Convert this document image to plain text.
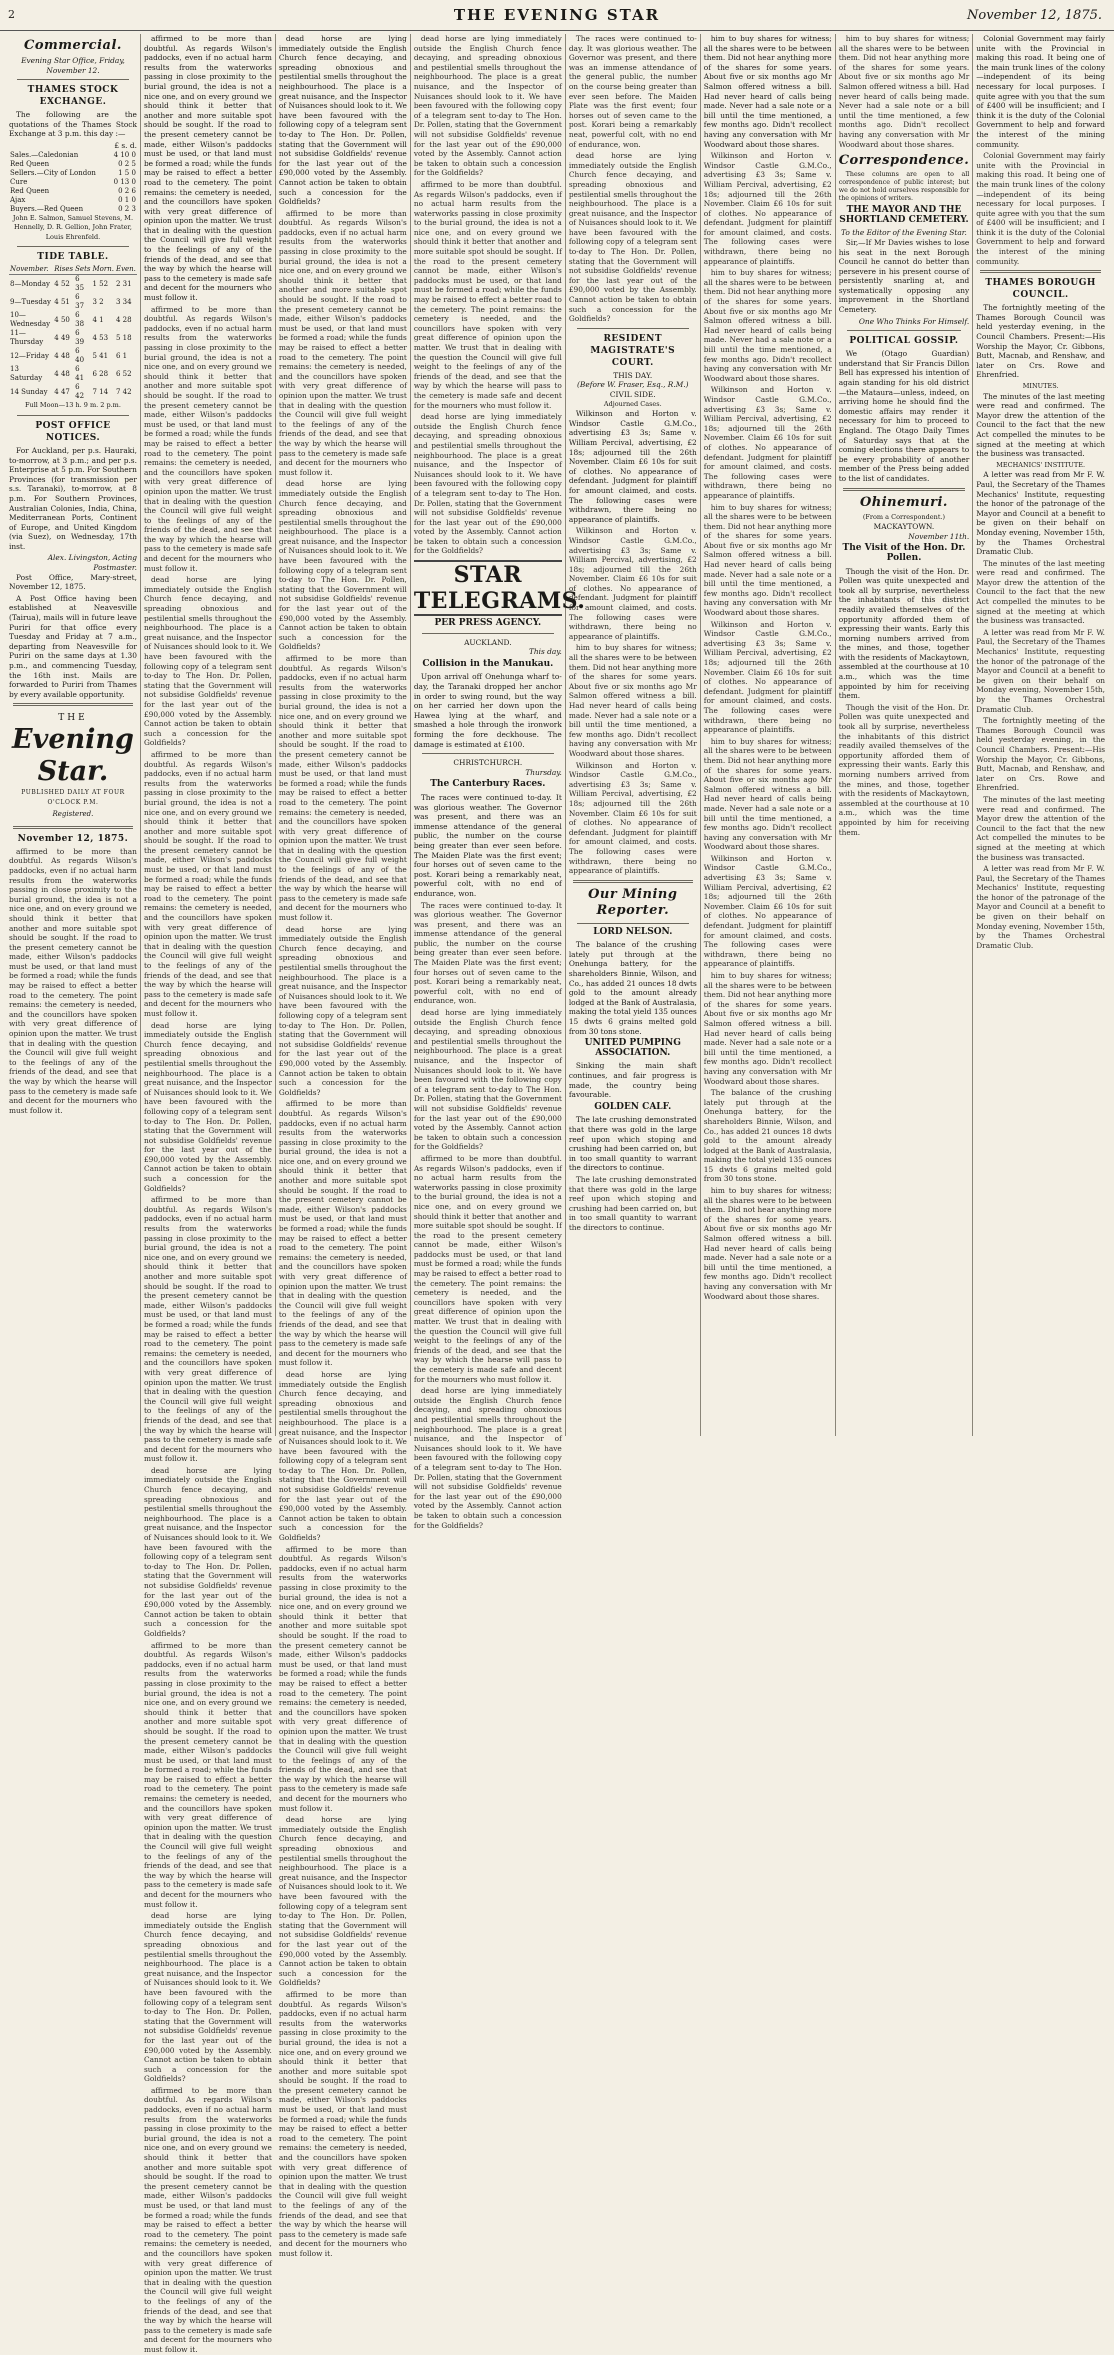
2	THE EVENING STAR	November 12, 1875.
Commercial.
Evening Star Office, Friday, November 12.
THAMES STOCK EXCHANGE.

The following are the quotations of the Thames Stock Exchange at 3 p.m. this day :—

£ s. d.
Sales.—Caledonian	4 10 0
Red Queen	0 2 5
Sellers.—City of London	1 5 0
Cure	0 13 0
Red Queen	0 2 6
Ajax	0 1 0
Buyers.—Red Queen	0 2 3

John E. Salmon, Samuel Stevens, M. Hennelly, D. R. Gellion, John Frater, Louis Ehrenfeld.

TIDE TABLE.
November.	Rises	Sets	Morn.	Even.
8—Monday	4 52	6 35	1 52	2 31
9—Tuesday	4 51	6 37	3 2	3 34
10—Wednesday	4 50	6 38	4 1	4 28
11—Thursday	4 49	6 39	4 53	5 18
12—Friday	4 48	6 40	5 41	6 1
13 Saturday	4 48	6 41	6 28	6 52
14 Sunday	4 47	6 42	7 14	7 42
Full Moon—13 h. 9 m. 2 p.m.
POST OFFICE NOTICES.

For Auckland, per p.s. Hauraki, to-morrow, at 3 p.m.; and per p.s. Enterprise at 5 p.m. For Southern Provinces (for transmission per s.s. Taranaki), to-morrow, at 8 p.m. For Southern Provinces, Australian Colonies, India, China, Mediterranean Ports, Continent of Europe, and United Kingdom (via Suez), on Wednesday, 17th inst.

Alex. Livingston, Acting Postmaster.

Post Office, Mary-street, November 12, 1875.

A Post Office having been established at Neavesville (Tairua), mails will in future leave Puriri for that office every Tuesday and Friday at 7 a.m., departing from Neavesville for Puriri on the same days at 1.30 p.m., and commencing Tuesday, the 16th inst. Mails are forwarded to Puriri from Thames by every available opportunity.

THE
Evening Star.
PUBLISHED DAILY AT FOUR O'CLOCK P.M.
Registered.
November 12, 1875.

affirmed to be more than doubtful. As regards Wilson's paddocks, even if no actual harm results from the waterworks passing in close proximity to the burial ground, the idea is not a nice one, and on every ground we should think it better that another and more suitable spot should be sought. If the road to the present cemetery cannot be made, either Wilson's paddocks must be used, or that land must be formed a road; while the funds may be raised to effect a better road to the cemetery. The point remains: the cemetery is needed, and the councillors have spoken with very great difference of opinion upon the matter. We trust that in dealing with the question the Council will give full weight to the feelings of any of the friends of the dead, and see that the way by which the hearse will pass to the cemetery is made safe and decent for the mourners who must follow it.

affirmed to be more than doubtful. As regards Wilson's paddocks, even if no actual harm results from the waterworks passing in close proximity to the burial ground, the idea is not a nice one, and on every ground we should think it better that another and more suitable spot should be sought. If the road to the present cemetery cannot be made, either Wilson's paddocks must be used, or that land must be formed a road; while the funds may be raised to effect a better road to the cemetery. The point remains: the cemetery is needed, and the councillors have spoken with very great difference of opinion upon the matter. We trust that in dealing with the question the Council will give full weight to the feelings of any of the friends of the dead, and see that the way by which the hearse will pass to the cemetery is made safe and decent for the mourners who must follow it.

affirmed to be more than doubtful. As regards Wilson's paddocks, even if no actual harm results from the waterworks passing in close proximity to the burial ground, the idea is not a nice one, and on every ground we should think it better that another and more suitable spot should be sought. If the road to the present cemetery cannot be made, either Wilson's paddocks must be used, or that land must be formed a road; while the funds may be raised to effect a better road to the cemetery. The point remains: the cemetery is needed, and the councillors have spoken with very great difference of opinion upon the matter. We trust that in dealing with the question the Council will give full weight to the feelings of any of the friends of the dead, and see that the way by which the hearse will pass to the cemetery is made safe and decent for the mourners who must follow it.

dead horse are lying immediately outside the English Church fence decaying, and spreading obnoxious and pestilential smells throughout the neighbourhood. The place is a great nuisance, and the Inspector of Nuisances should look to it. We have been favoured with the following copy of a telegram sent to-day to The Hon. Dr. Pollen, stating that the Government will not subsidise Goldfields' revenue for the last year out of the £90,000 voted by the Assembly. Cannot action be taken to obtain such a concession for the Goldfields?

affirmed to be more than doubtful. As regards Wilson's paddocks, even if no actual harm results from the waterworks passing in close proximity to the burial ground, the idea is not a nice one, and on every ground we should think it better that another and more suitable spot should be sought. If the road to the present cemetery cannot be made, either Wilson's paddocks must be used, or that land must be formed a road; while the funds may be raised to effect a better road to the cemetery. The point remains: the cemetery is needed, and the councillors have spoken with very great difference of opinion upon the matter. We trust that in dealing with the question the Council will give full weight to the feelings of any of the friends of the dead, and see that the way by which the hearse will pass to the cemetery is made safe and decent for the mourners who must follow it.

dead horse are lying immediately outside the English Church fence decaying, and spreading obnoxious and pestilential smells throughout the neighbourhood. The place is a great nuisance, and the Inspector of Nuisances should look to it. We have been favoured with the following copy of a telegram sent to-day to The Hon. Dr. Pollen, stating that the Government will not subsidise Goldfields' revenue for the last year out of the £90,000 voted by the Assembly. Cannot action be taken to obtain such a concession for the Goldfields?

affirmed to be more than doubtful. As regards Wilson's paddocks, even if no actual harm results from the waterworks passing in close proximity to the burial ground, the idea is not a nice one, and on every ground we should think it better that another and more suitable spot should be sought. If the road to the present cemetery cannot be made, either Wilson's paddocks must be used, or that land must be formed a road; while the funds may be raised to effect a better road to the cemetery. The point remains: the cemetery is needed, and the councillors have spoken with very great difference of opinion upon the matter. We trust that in dealing with the question the Council will give full weight to the feelings of any of the friends of the dead, and see that the way by which the hearse will pass to the cemetery is made safe and decent for the mourners who must follow it.

dead horse are lying immediately outside the English Church fence decaying, and spreading obnoxious and pestilential smells throughout the neighbourhood. The place is a great nuisance, and the Inspector of Nuisances should look to it. We have been favoured with the following copy of a telegram sent to-day to The Hon. Dr. Pollen, stating that the Government will not subsidise Goldfields' revenue for the last year out of the £90,000 voted by the Assembly. Cannot action be taken to obtain such a concession for the Goldfields?

affirmed to be more than doubtful. As regards Wilson's paddocks, even if no actual harm results from the waterworks passing in close proximity to the burial ground, the idea is not a nice one, and on every ground we should think it better that another and more suitable spot should be sought. If the road to the present cemetery cannot be made, either Wilson's paddocks must be used, or that land must be formed a road; while the funds may be raised to effect a better road to the cemetery. The point remains: the cemetery is needed, and the councillors have spoken with very great difference of opinion upon the matter. We trust that in dealing with the question the Council will give full weight to the feelings of any of the friends of the dead, and see that the way by which the hearse will pass to the cemetery is made safe and decent for the mourners who must follow it.

dead horse are lying immediately outside the English Church fence decaying, and spreading obnoxious and pestilential smells throughout the neighbourhood. The place is a great nuisance, and the Inspector of Nuisances should look to it. We have been favoured with the following copy of a telegram sent to-day to The Hon. Dr. Pollen, stating that the Government will not subsidise Goldfields' revenue for the last year out of the £90,000 voted by the Assembly. Cannot action be taken to obtain such a concession for the Goldfields?

affirmed to be more than doubtful. As regards Wilson's paddocks, even if no actual harm results from the waterworks passing in close proximity to the burial ground, the idea is not a nice one, and on every ground we should think it better that another and more suitable spot should be sought. If the road to the present cemetery cannot be made, either Wilson's paddocks must be used, or that land must be formed a road; while the funds may be raised to effect a better road to the cemetery. The point remains: the cemetery is needed, and the councillors have spoken with very great difference of opinion upon the matter. We trust that in dealing with the question the Council will give full weight to the feelings of any of the friends of the dead, and see that the way by which the hearse will pass to the cemetery is made safe and decent for the mourners who must follow it.

dead horse are lying immediately outside the English Church fence decaying, and spreading obnoxious and pestilential smells throughout the neighbourhood. The place is a great nuisance, and the Inspector of Nuisances should look to it. We have been favoured with the following copy of a telegram sent to-day to The Hon. Dr. Pollen, stating that the Government will not subsidise Goldfields' revenue for the last year out of the £90,000 voted by the Assembly. Cannot action be taken to obtain such a concession for the Goldfields?

affirmed to be more than doubtful. As regards Wilson's paddocks, even if no actual harm results from the waterworks passing in close proximity to the burial ground, the idea is not a nice one, and on every ground we should think it better that another and more suitable spot should be sought. If the road to the present cemetery cannot be made, either Wilson's paddocks must be used, or that land must be formed a road; while the funds may be raised to effect a better road to the cemetery. The point remains: the cemetery is needed, and the councillors have spoken with very great difference of opinion upon the matter. We trust that in dealing with the question the Council will give full weight to the feelings of any of the friends of the dead, and see that the way by which the hearse will pass to the cemetery is made safe and decent for the mourners who must follow it.

dead horse are lying immediately outside the English Church fence decaying, and spreading obnoxious and pestilential smells throughout the neighbourhood. The place is a great nuisance, and the Inspector of Nuisances should look to it. We have been favoured with the following copy of a telegram sent to-day to The Hon. Dr. Pollen, stating that the Government will not subsidise Goldfields' revenue for the last year out of the £90,000 voted by the Assembly. Cannot action be taken to obtain such a concession for the Goldfields?

affirmed to be more than doubtful. As regards Wilson's paddocks, even if no actual harm results from the waterworks passing in close proximity to the burial ground, the idea is not a nice one, and on every ground we should think it better that another and more suitable spot should be sought. If the road to the present cemetery cannot be made, either Wilson's paddocks must be used, or that land must be formed a road; while the funds may be raised to effect a better road to the cemetery. The point remains: the cemetery is needed, and the councillors have spoken with very great difference of opinion upon the matter. We trust that in dealing with the question the Council will give full weight to the feelings of any of the friends of the dead, and see that the way by which the hearse will pass to the cemetery is made safe and decent for the mourners who must follow it.

dead horse are lying immediately outside the English Church fence decaying, and spreading obnoxious and pestilential smells throughout the neighbourhood. The place is a great nuisance, and the Inspector of Nuisances should look to it. We have been favoured with the following copy of a telegram sent to-day to The Hon. Dr. Pollen, stating that the Government will not subsidise Goldfields' revenue for the last year out of the £90,000 voted by the Assembly. Cannot action be taken to obtain such a concession for the Goldfields?

affirmed to be more than doubtful. As regards Wilson's paddocks, even if no actual harm results from the waterworks passing in close proximity to the burial ground, the idea is not a nice one, and on every ground we should think it better that another and more suitable spot should be sought. If the road to the present cemetery cannot be made, either Wilson's paddocks must be used, or that land must be formed a road; while the funds may be raised to effect a better road to the cemetery. The point remains: the cemetery is needed, and the councillors have spoken with very great difference of opinion upon the matter. We trust that in dealing with the question the Council will give full weight to the feelings of any of the friends of the dead, and see that the way by which the hearse will pass to the cemetery is made safe and decent for the mourners who must follow it.

dead horse are lying immediately outside the English Church fence decaying, and spreading obnoxious and pestilential smells throughout the neighbourhood. The place is a great nuisance, and the Inspector of Nuisances should look to it. We have been favoured with the following copy of a telegram sent to-day to The Hon. Dr. Pollen, stating that the Government will not subsidise Goldfields' revenue for the last year out of the £90,000 voted by the Assembly. Cannot action be taken to obtain such a concession for the Goldfields?

affirmed to be more than doubtful. As regards Wilson's paddocks, even if no actual harm results from the waterworks passing in close proximity to the burial ground, the idea is not a nice one, and on every ground we should think it better that another and more suitable spot should be sought. If the road to the present cemetery cannot be made, either Wilson's paddocks must be used, or that land must be formed a road; while the funds may be raised to effect a better road to the cemetery. The point remains: the cemetery is needed, and the councillors have spoken with very great difference of opinion upon the matter. We trust that in dealing with the question the Council will give full weight to the feelings of any of the friends of the dead, and see that the way by which the hearse will pass to the cemetery is made safe and decent for the mourners who must follow it.

dead horse are lying immediately outside the English Church fence decaying, and spreading obnoxious and pestilential smells throughout the neighbourhood. The place is a great nuisance, and the Inspector of Nuisances should look to it. We have been favoured with the following copy of a telegram sent to-day to The Hon. Dr. Pollen, stating that the Government will not subsidise Goldfields' revenue for the last year out of the £90,000 voted by the Assembly. Cannot action be taken to obtain such a concession for the Goldfields?

affirmed to be more than doubtful. As regards Wilson's paddocks, even if no actual harm results from the waterworks passing in close proximity to the burial ground, the idea is not a nice one, and on every ground we should think it better that another and more suitable spot should be sought. If the road to the present cemetery cannot be made, either Wilson's paddocks must be used, or that land must be formed a road; while the funds may be raised to effect a better road to the cemetery. The point remains: the cemetery is needed, and the councillors have spoken with very great difference of opinion upon the matter. We trust that in dealing with the question the Council will give full weight to the feelings of any of the friends of the dead, and see that the way by which the hearse will pass to the cemetery is made safe and decent for the mourners who must follow it.

dead horse are lying immediately outside the English Church fence decaying, and spreading obnoxious and pestilential smells throughout the neighbourhood. The place is a great nuisance, and the Inspector of Nuisances should look to it. We have been favoured with the following copy of a telegram sent to-day to The Hon. Dr. Pollen, stating that the Government will not subsidise Goldfields' revenue for the last year out of the £90,000 voted by the Assembly. Cannot action be taken to obtain such a concession for the Goldfields?

affirmed to be more than doubtful. As regards Wilson's paddocks, even if no actual harm results from the waterworks passing in close proximity to the burial ground, the idea is not a nice one, and on every ground we should think it better that another and more suitable spot should be sought. If the road to the present cemetery cannot be made, either Wilson's paddocks must be used, or that land must be formed a road; while the funds may be raised to effect a better road to the cemetery. The point remains: the cemetery is needed, and the councillors have spoken with very great difference of opinion upon the matter. We trust that in dealing with the question the Council will give full weight to the feelings of any of the friends of the dead, and see that the way by which the hearse will pass to the cemetery is made safe and decent for the mourners who must follow it.

dead horse are lying immediately outside the English Church fence decaying, and spreading obnoxious and pestilential smells throughout the neighbourhood. The place is a great nuisance, and the Inspector of Nuisances should look to it. We have been favoured with the following copy of a telegram sent to-day to The Hon. Dr. Pollen, stating that the Government will not subsidise Goldfields' revenue for the last year out of the £90,000 voted by the Assembly. Cannot action be taken to obtain such a concession for the Goldfields?

STAR TELEGRAMS.
PER PRESS AGENCY.
AUCKLAND.
This day.
Collision in the Manukau.

Upon arrival off Onehunga wharf to-day, the Taranaki dropped her anchor in order to swing round, but the way on her carried her down upon the Hawea lying at the wharf, and smashed a hole through the ironwork forming the fore deckhouse. The damage is estimated at £100.

CHRISTCHURCH.
Thursday.
The Canterbury Races.

The races were continued to-day. It was glorious weather. The Governor was present, and there was an immense attendance of the general public, the number on the course being greater than ever seen before. The Maiden Plate was the first event; four horses out of seven came to the post. Korari being a remarkably neat, powerful colt, with no end of endurance, won.

The races were continued to-day. It was glorious weather. The Governor was present, and there was an immense attendance of the general public, the number on the course being greater than ever seen before. The Maiden Plate was the first event; four horses out of seven came to the post. Korari being a remarkably neat, powerful colt, with no end of endurance, won.

dead horse are lying immediately outside the English Church fence decaying, and spreading obnoxious and pestilential smells throughout the neighbourhood. The place is a great nuisance, and the Inspector of Nuisances should look to it. We have been favoured with the following copy of a telegram sent to-day to The Hon. Dr. Pollen, stating that the Government will not subsidise Goldfields' revenue for the last year out of the £90,000 voted by the Assembly. Cannot action be taken to obtain such a concession for the Goldfields?

affirmed to be more than doubtful. As regards Wilson's paddocks, even if no actual harm results from the waterworks passing in close proximity to the burial ground, the idea is not a nice one, and on every ground we should think it better that another and more suitable spot should be sought. If the road to the present cemetery cannot be made, either Wilson's paddocks must be used, or that land must be formed a road; while the funds may be raised to effect a better road to the cemetery. The point remains: the cemetery is needed, and the councillors have spoken with very great difference of opinion upon the matter. We trust that in dealing with the question the Council will give full weight to the feelings of any of the friends of the dead, and see that the way by which the hearse will pass to the cemetery is made safe and decent for the mourners who must follow it.

dead horse are lying immediately outside the English Church fence decaying, and spreading obnoxious and pestilential smells throughout the neighbourhood. The place is a great nuisance, and the Inspector of Nuisances should look to it. We have been favoured with the following copy of a telegram sent to-day to The Hon. Dr. Pollen, stating that the Government will not subsidise Goldfields' revenue for the last year out of the £90,000 voted by the Assembly. Cannot action be taken to obtain such a concession for the Goldfields?

The races were continued to-day. It was glorious weather. The Governor was present, and there was an immense attendance of the general public, the number on the course being greater than ever seen before. The Maiden Plate was the first event; four horses out of seven came to the post. Korari being a remarkably neat, powerful colt, with no end of endurance, won.

dead horse are lying immediately outside the English Church fence decaying, and spreading obnoxious and pestilential smells throughout the neighbourhood. The place is a great nuisance, and the Inspector of Nuisances should look to it. We have been favoured with the following copy of a telegram sent to-day to The Hon. Dr. Pollen, stating that the Government will not subsidise Goldfields' revenue for the last year out of the £90,000 voted by the Assembly. Cannot action be taken to obtain such a concession for the Goldfields?

RESIDENT MAGISTRATE'S COURT.
THIS DAY.
(Before W. Fraser, Esq., R.M.)
CIVIL SIDE.
Adjourned Cases.

Wilkinson and Horton v. Windsor Castle G.M.Co., advertising £3 3s; Same v. William Percival, advertising, £2 18s; adjourned till the 26th November. Claim £6 10s for suit of clothes. No appearance of defendant. Judgment for plaintiff for amount claimed, and costs. The following cases were withdrawn, there being no appearance of plaintiffs.

Wilkinson and Horton v. Windsor Castle G.M.Co., advertising £3 3s; Same v. William Percival, advertising, £2 18s; adjourned till the 26th November. Claim £6 10s for suit of clothes. No appearance of defendant. Judgment for plaintiff for amount claimed, and costs. The following cases were withdrawn, there being no appearance of plaintiffs.

him to buy shares for witness; all the shares were to be between them. Did not hear anything more of the shares for some years. About five or six months ago Mr Salmon offered witness a bill. Had never heard of calls being made. Never had a sale note or a bill until the time mentioned, a few months ago. Didn't recollect having any conversation with Mr Woodward about those shares.

Wilkinson and Horton v. Windsor Castle G.M.Co., advertising £3 3s; Same v. William Percival, advertising, £2 18s; adjourned till the 26th November. Claim £6 10s for suit of clothes. No appearance of defendant. Judgment for plaintiff for amount claimed, and costs. The following cases were withdrawn, there being no appearance of plaintiffs.

Our Mining Reporter.
LORD NELSON.

The balance of the crushing lately put through at the Onehunga battery, for the shareholders Binnie, Wilson, and Co., has added 21 ounces 18 dwts gold to the amount already lodged at the Bank of Australasia, making the total yield 135 ounces 15 dwts 6 grains melted gold from 30 tons stone.

UNITED PUMPING ASSOCIATION.

Sinking the main shaft continues, and fair progress is made, the country being favourable.

GOLDEN CALF.

The late crushing demonstrated that there was gold in the large reef upon which stoping and crushing had been carried on, but in too small quantity to warrant the directors to continue.

The late crushing demonstrated that there was gold in the large reef upon which stoping and crushing had been carried on, but in too small quantity to warrant the directors to continue.

him to buy shares for witness; all the shares were to be between them. Did not hear anything more of the shares for some years. About five or six months ago Mr Salmon offered witness a bill. Had never heard of calls being made. Never had a sale note or a bill until the time mentioned, a few months ago. Didn't recollect having any conversation with Mr Woodward about those shares.

Wilkinson and Horton v. Windsor Castle G.M.Co., advertising £3 3s; Same v. William Percival, advertising, £2 18s; adjourned till the 26th November. Claim £6 10s for suit of clothes. No appearance of defendant. Judgment for plaintiff for amount claimed, and costs. The following cases were withdrawn, there being no appearance of plaintiffs.

him to buy shares for witness; all the shares were to be between them. Did not hear anything more of the shares for some years. About five or six months ago Mr Salmon offered witness a bill. Had never heard of calls being made. Never had a sale note or a bill until the time mentioned, a few months ago. Didn't recollect having any conversation with Mr Woodward about those shares.

Wilkinson and Horton v. Windsor Castle G.M.Co., advertising £3 3s; Same v. William Percival, advertising, £2 18s; adjourned till the 26th November. Claim £6 10s for suit of clothes. No appearance of defendant. Judgment for plaintiff for amount claimed, and costs. The following cases were withdrawn, there being no appearance of plaintiffs.

him to buy shares for witness; all the shares were to be between them. Did not hear anything more of the shares for some years. About five or six months ago Mr Salmon offered witness a bill. Had never heard of calls being made. Never had a sale note or a bill until the time mentioned, a few months ago. Didn't recollect having any conversation with Mr Woodward about those shares.

Wilkinson and Horton v. Windsor Castle G.M.Co., advertising £3 3s; Same v. William Percival, advertising, £2 18s; adjourned till the 26th November. Claim £6 10s for suit of clothes. No appearance of defendant. Judgment for plaintiff for amount claimed, and costs. The following cases were withdrawn, there being no appearance of plaintiffs.

him to buy shares for witness; all the shares were to be between them. Did not hear anything more of the shares for some years. About five or six months ago Mr Salmon offered witness a bill. Had never heard of calls being made. Never had a sale note or a bill until the time mentioned, a few months ago. Didn't recollect having any conversation with Mr Woodward about those shares.

Wilkinson and Horton v. Windsor Castle G.M.Co., advertising £3 3s; Same v. William Percival, advertising, £2 18s; adjourned till the 26th November. Claim £6 10s for suit of clothes. No appearance of defendant. Judgment for plaintiff for amount claimed, and costs. The following cases were withdrawn, there being no appearance of plaintiffs.

him to buy shares for witness; all the shares were to be between them. Did not hear anything more of the shares for some years. About five or six months ago Mr Salmon offered witness a bill. Had never heard of calls being made. Never had a sale note or a bill until the time mentioned, a few months ago. Didn't recollect having any conversation with Mr Woodward about those shares.

The balance of the crushing lately put through at the Onehunga battery, for the shareholders Binnie, Wilson, and Co., has added 21 ounces 18 dwts gold to the amount already lodged at the Bank of Australasia, making the total yield 135 ounces 15 dwts 6 grains melted gold from 30 tons stone.

him to buy shares for witness; all the shares were to be between them. Did not hear anything more of the shares for some years. About five or six months ago Mr Salmon offered witness a bill. Had never heard of calls being made. Never had a sale note or a bill until the time mentioned, a few months ago. Didn't recollect having any conversation with Mr Woodward about those shares.

him to buy shares for witness; all the shares were to be between them. Did not hear anything more of the shares for some years. About five or six months ago Mr Salmon offered witness a bill. Had never heard of calls being made. Never had a sale note or a bill until the time mentioned, a few months ago. Didn't recollect having any conversation with Mr Woodward about those shares.

Correspondence.

These columns are open to all correspondence of public interest; but we do not hold ourselves responsible for the opinions of writers.

THE MAYOR AND THE SHORTLAND CEMETERY.
To the Editor of the Evening Star.

Sir,—If Mr Davies wishes to lose his seat in the next Borough Council he cannot do better than persevere in his present course of persistently snarling at, and systematically opposing any improvement in the Shortland Cemetery.

One Who Thinks For Himself.
POLITICAL GOSSIP.

We (Otago Guardian) understand that Sir Francis Dillon Bell has expressed his intention of again standing for his old district—the Mataura—unless, indeed, on arriving home he should find the domestic affairs may render it necessary for him to proceed to England. The Otago Daily Times of Saturday says that at the coming elections there appears to be every probability of another member of the Press being added to the list of candidates.

Ohinemuri.
(From a Correspondent.)
MACKAYTOWN.
November 11th.
The Visit of the Hon. Dr. Pollen.

Though the visit of the Hon. Dr. Pollen was quite unexpected and took all by surprise, nevertheless the inhabitants of this district readily availed themselves of the opportunity afforded them of expressing their wants. Early this morning numbers arrived from the mines, and those, together with the residents of Mackaytown, assembled at the courthouse at 10 a.m., which was the time appointed by him for receiving them.

Though the visit of the Hon. Dr. Pollen was quite unexpected and took all by surprise, nevertheless the inhabitants of this district readily availed themselves of the opportunity afforded them of expressing their wants. Early this morning numbers arrived from the mines, and those, together with the residents of Mackaytown, assembled at the courthouse at 10 a.m., which was the time appointed by him for receiving them.

Colonial Government may fairly unite with the Provincial in making this road. It being one of the main trunk lines of the colony—independent of its being necessary for local purposes. I quite agree with you that the sum of £400 will be insufficient; and I think it is the duty of the Colonial Government to help and forward the interest of the mining community.

Colonial Government may fairly unite with the Provincial in making this road. It being one of the main trunk lines of the colony—independent of its being necessary for local purposes. I quite agree with you that the sum of £400 will be insufficient; and I think it is the duty of the Colonial Government to help and forward the interest of the mining community.

THAMES BOROUGH COUNCIL.

The fortnightly meeting of the Thames Borough Council was held yesterday evening, in the Council Chambers. Present:—His Worship the Mayor, Cr. Gibbons, Butt, Macnab, and Renshaw, and later on Crs. Rowe and Ehrenfried.

MINUTES.

The minutes of the last meeting were read and confirmed. The Mayor drew the attention of the Council to the fact that the new Act compelled the minutes to be signed at the meeting at which the business was transacted.

MECHANICS' INSTITUTE.

A letter was read from Mr F. W. Paul, the Secretary of the Thames Mechanics' Institute, requesting the honor of the patronage of the Mayor and Council at a benefit to be given on their behalf on Monday evening, November 15th, by the Thames Orchestral Dramatic Club.

The minutes of the last meeting were read and confirmed. The Mayor drew the attention of the Council to the fact that the new Act compelled the minutes to be signed at the meeting at which the business was transacted.

A letter was read from Mr F. W. Paul, the Secretary of the Thames Mechanics' Institute, requesting the honor of the patronage of the Mayor and Council at a benefit to be given on their behalf on Monday evening, November 15th, by the Thames Orchestral Dramatic Club.

The fortnightly meeting of the Thames Borough Council was held yesterday evening, in the Council Chambers. Present:—His Worship the Mayor, Cr. Gibbons, Butt, Macnab, and Renshaw, and later on Crs. Rowe and Ehrenfried.

The minutes of the last meeting were read and confirmed. The Mayor drew the attention of the Council to the fact that the new Act compelled the minutes to be signed at the meeting at which the business was transacted.

A letter was read from Mr F. W. Paul, the Secretary of the Thames Mechanics' Institute, requesting the honor of the patronage of the Mayor and Council at a benefit to be given on their behalf on Monday evening, November 15th, by the Thames Orchestral Dramatic Club.
